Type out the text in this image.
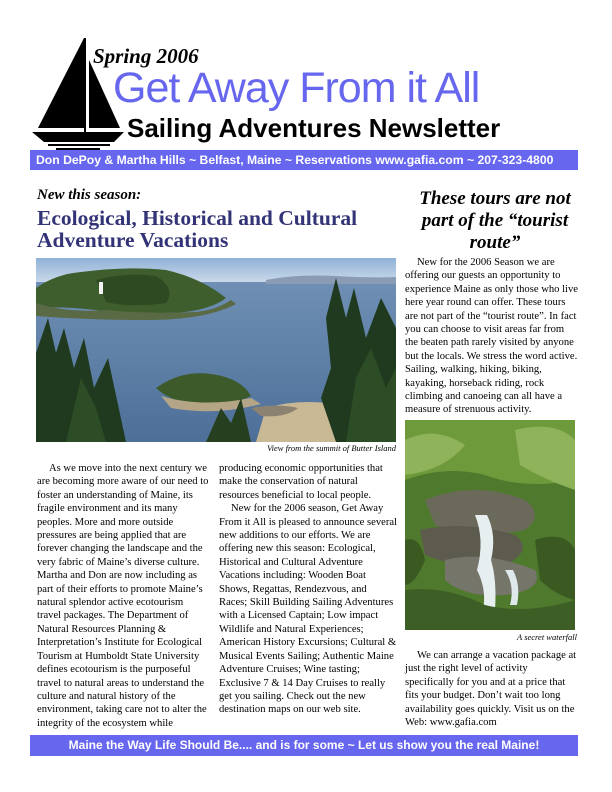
Spring 2006
Get Away From it All
Sailing Adventures Newsletter
Don DePoy & Martha Hills ~ Belfast, Maine ~ Reservations www.gafia.com ~ 207-323-4800
New this season:
Ecological, Historical and Cultural Adventure Vacations
View from the summit of Butter Island

As we move into the next century we are becoming more aware of our need to foster an understanding of Maine, its fragile environment and its many peoples. More and more outside pressures are being applied that are forever changing the landscape and the very fabric of Maine’s diverse culture. Martha and Don are now including as part of their efforts to promote Maine’s natural splendor active ecotourism travel packages. The Department of Natural Resources Planning & Interpretation’s Institute for Ecological Tourism at Humboldt State University defines ecotourism is the purposeful travel to natural areas to understand the culture and natural history of the environment, taking care not to alter the integrity of the ecosystem while

producing economic opportunities that make the conservation of natural resources beneficial to local people.

New for the 2006 season, Get Away From it All is pleased to announce several new additions to our efforts. We are offering new this season: Ecological, Historical and Cultural Adventure Vacations including: Wooden Boat Shows, Regattas, Rendezvous, and Races; Skill Building Sailing Adventures with a Licensed Captain; Low impact Wildlife and Natural Experiences; American History Excursions; Cultural & Musical Events Sailing; Authentic Maine Adventure Cruises; Wine tasting; Exclusive 7 & 14 Day Cruises to really get you sailing. Check out the new destination maps on our web site.

These tours are not part of the “tourist route”

New for the 2006 Season we are offering our guests an opportunity to experience Maine as only those who live here year round can offer. These tours are not part of the “tourist route”. In fact you can choose to visit areas far from the beaten path rarely visited by anyone but the locals. We stress the word active. Sailing, walking, hiking, biking, kayaking, horseback riding, rock climbing and canoeing can all have a measure of strenuous activity.

A secret waterfall

We can arrange a vacation package at just the right level of activity specifically for you and at a price that fits your budget. Don’t wait too long availability goes quickly. Visit us on the Web: www.gafia.com

Maine the Way Life Should Be.... and is for some ~ Let us show you the real Maine!
